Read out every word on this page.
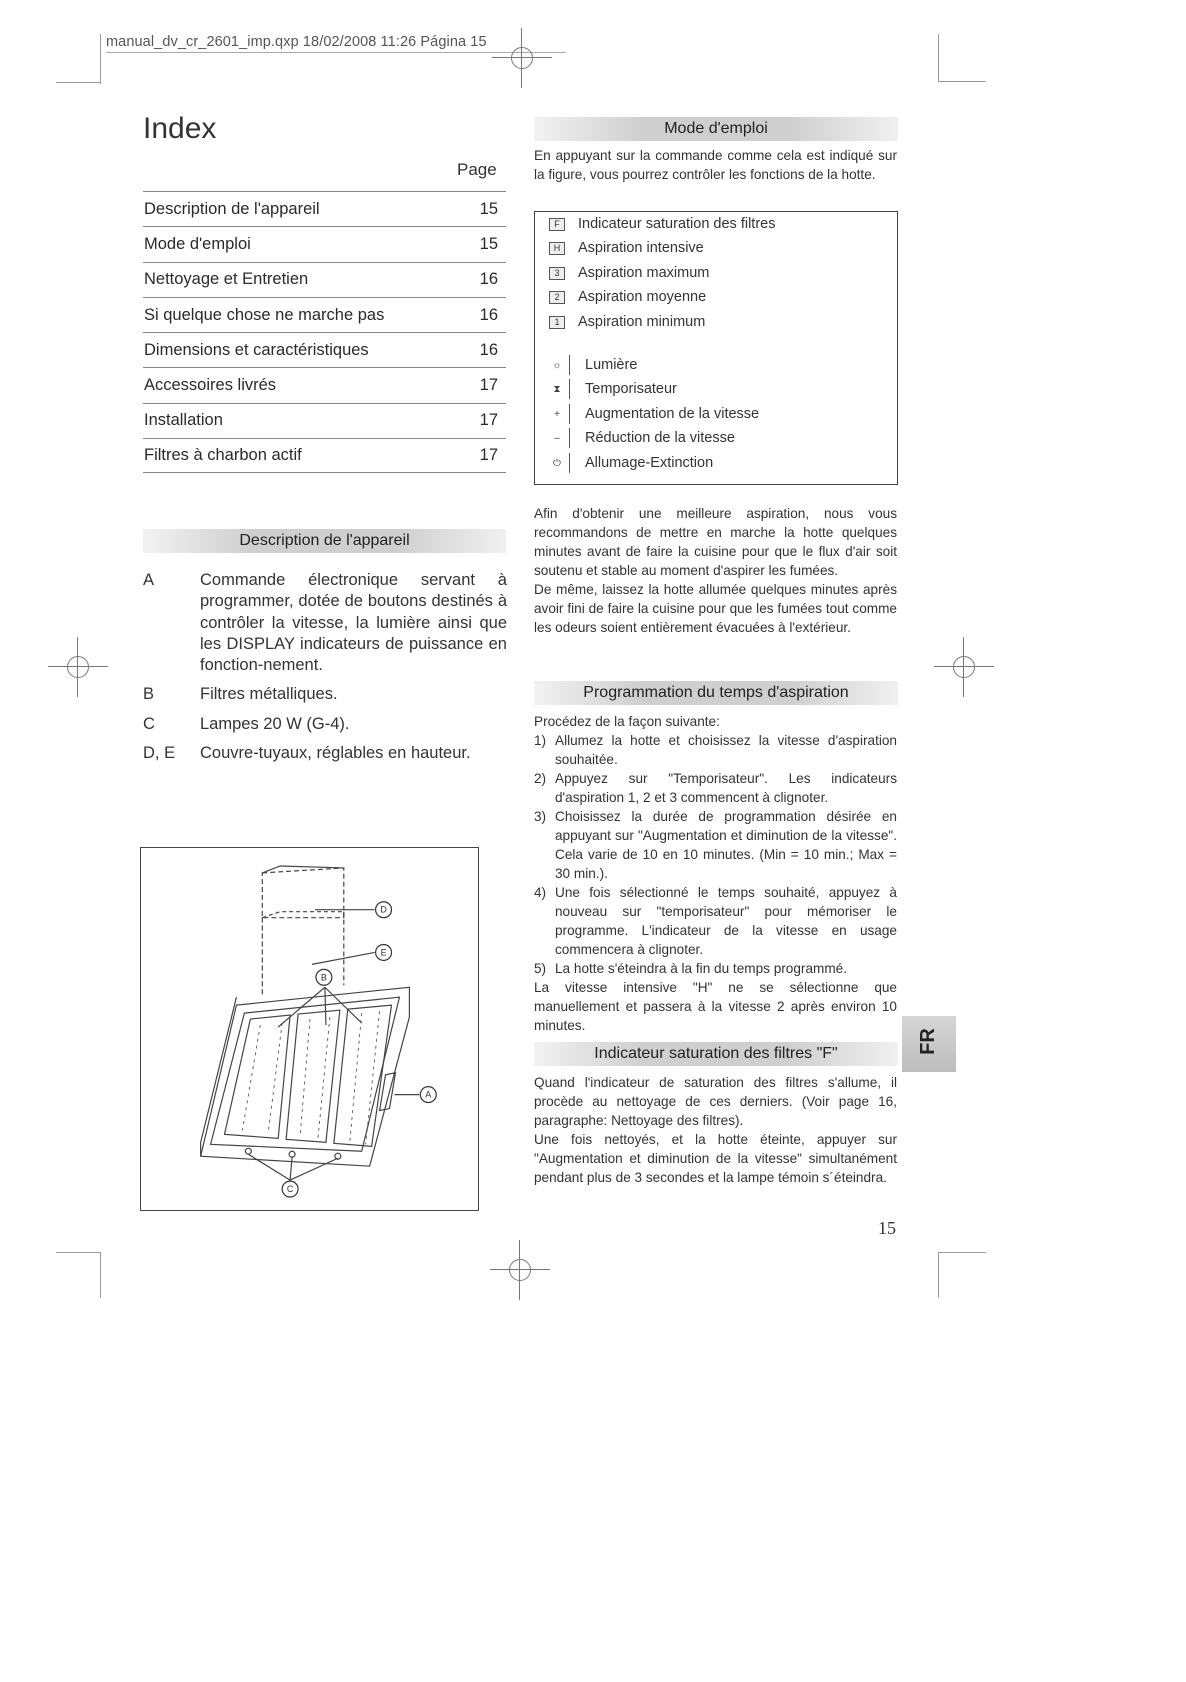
manual_dv_cr_2601_imp.qxp 18/02/2008 11:26 Página 15
Index
Page
Description de l'appareil	15
Mode d'emploi	15
Nettoyage et Entretien	16
Si quelque chose ne marche pas	16
Dimensions et caractéristiques	16
Accessoires livrés	17
Installation	17
Filtres à charbon actif	17
Description de l'appareil
A	Commande électronique servant à programmer, dotée de boutons destinés à contrôler la vitesse, la lumière ainsi que les DISPLAY indicateurs de puissance en fonction-nement.
B	Filtres métalliques.
C	Lampes 20 W (G-4).
D, E	Couvre-tuyaux, réglables en hauteur.
D
E
B
A
C
Mode d'emploi

En appuyant sur la commande comme cela est indiqué sur la figure, vous pourrez contrôler les fonctions de la hotte.

F	Indicateur saturation des filtres
H	Aspiration intensive
3	Aspiration maximum
2	Aspiration moyenne
1	Aspiration minimum
☼ Lumière
⧗	Temporisateur
+	Augmentation de la vitesse
–	Réduction de la vitesse
⏻ Allumage-Extinction

Afin d'obtenir une meilleure aspiration, nous vous recommandons de mettre en marche la hotte quelques minutes avant de faire la cuisine pour que le flux d'air soit soutenu et stable au moment d'aspirer les fumées.

De même, laissez la hotte allumée quelques minutes après avoir fini de faire la cuisine pour que les fumées tout comme les odeurs soient entièrement évacuées à l'extérieur.

Programmation du temps d'aspiration

Procédez de la façon suivante:

1) Allumez la hotte et choisissez la vitesse d'aspiration souhaitée.
2) Appuyez sur "Temporisateur". Les indicateurs d'aspiration 1, 2 et 3 commencent à clignoter.
3) Choisissez la durée de programmation désirée en appuyant sur "Augmentation et diminution de la vitesse". Cela varie de 10 en 10 minutes. (Min = 10 min.; Max = 30 min.).
4) Une fois sélectionné le temps souhaité, appuyez à nouveau sur "temporisateur" pour mémoriser le programme. L'indicateur de la vitesse en usage commencera à clignoter.
5) La hotte s'éteindra à la fin du temps programmé.

La vitesse intensive "H" ne se sélectionne que manuellement et passera à la vitesse 2 après environ 10 minutes.

Indicateur saturation des filtres "F"

Quand l'indicateur de saturation des filtres s'allume, il procède au nettoyage de ces derniers. (Voir page 16, paragraphe: Nettoyage des filtres).

Une fois nettoyés, et la hotte éteinte, appuyer sur "Augmentation et diminution de la vitesse" simultanément pendant plus de 3 secondes et la lampe témoin s´éteindra.

FR
15
